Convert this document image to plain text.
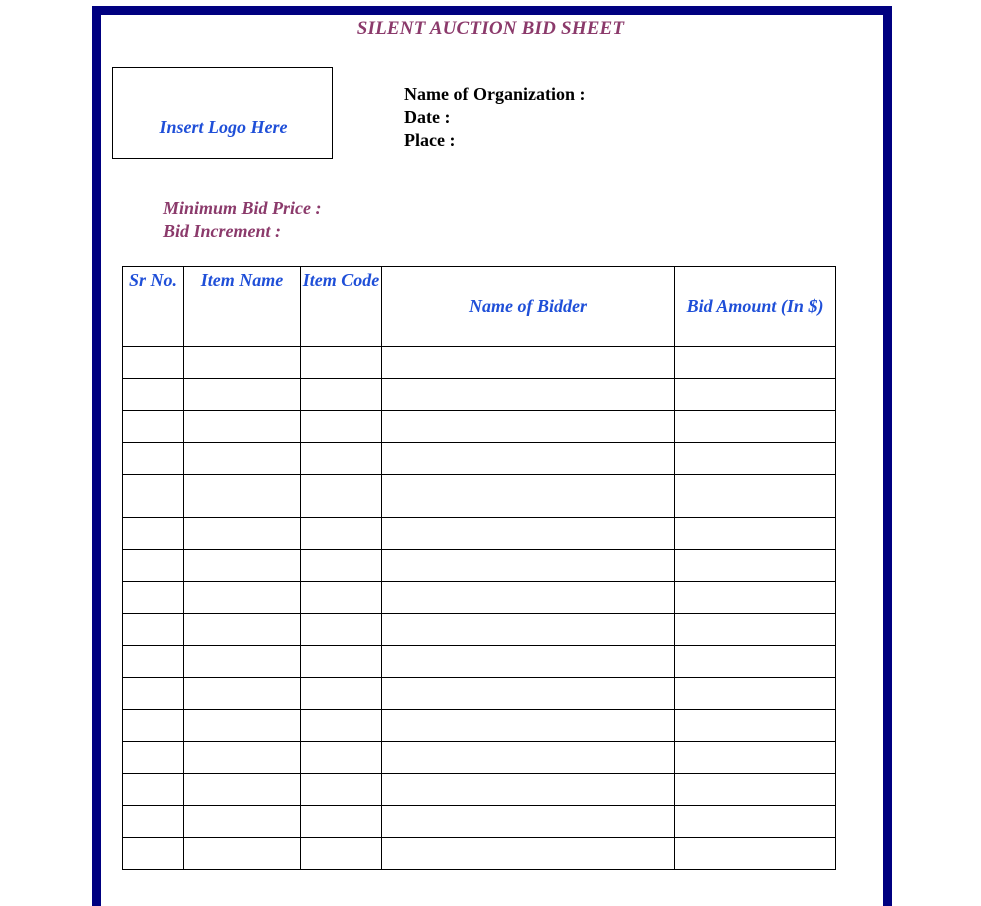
SILENT AUCTION BID SHEET
Insert Logo Here
Name of Organization :
Date :
Place :
Minimum Bid Price :
Bid Increment :
Sr No.	Item Name	Item Code	Name of Bidder	Bid Amount (In $)
